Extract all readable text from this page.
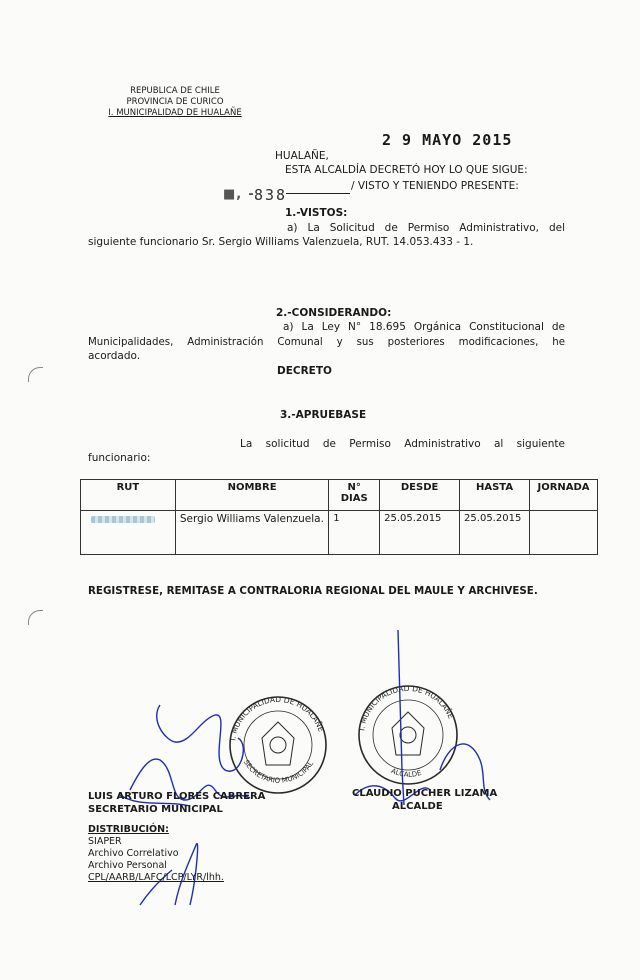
REPUBLICA DE CHILE
PROVINCIA DE CURICO
I. MUNICIPALIDAD DE HUALAÑE
2 9 MAYO 2015
HUALAÑE,
ESTA ALCALDÍA DECRETÓ HOY LO QUE SIGUE:
■, ⁃
838	/ VISTO Y TENIENDO PRESENTE:
1.-VISTOS:
a) La Solicitud de Permiso Administrativo, del
siguiente funcionario Sr. Sergio Williams Valenzuela, RUT. 14.053.433 - 1.
2.-CONSIDERANDO:
a) La Ley N° 18.695 Orgánica Constitucional de
Municipalidades, Administración Comunal y sus posteriores modificaciones, he
acordado.
DECRETO
3.-APRUEBASE
La solicitud de Permiso Administrativo al siguiente
funcionario:
RUT	NOMBRE	N° DIAS	DESDE	HASTA	JORNADA
	Sergio Williams Valenzuela.	1	25.05.2015	25.05.2015	
REGISTRESE, REMITASE A CONTRALORIA REGIONAL DEL MAULE Y ARCHIVESE.
I. MUNICIPALIDAD DE HUALAÑE
SECRETARIO MUNICIPAL
I. MUNICIPALIDAD DE HUALAÑE
ALCALDE
LUIS ARTURO FLORES CABRERA
SECRETARIO MUNICIPAL
CLAUDIO PUCHER LIZAMA
ALCALDE
DISTRIBUCIÓN:
SIAPER
Archivo Correlativo
Archivo Personal
CPL/AARB/LAFC/LCP/LYR/lhh.
